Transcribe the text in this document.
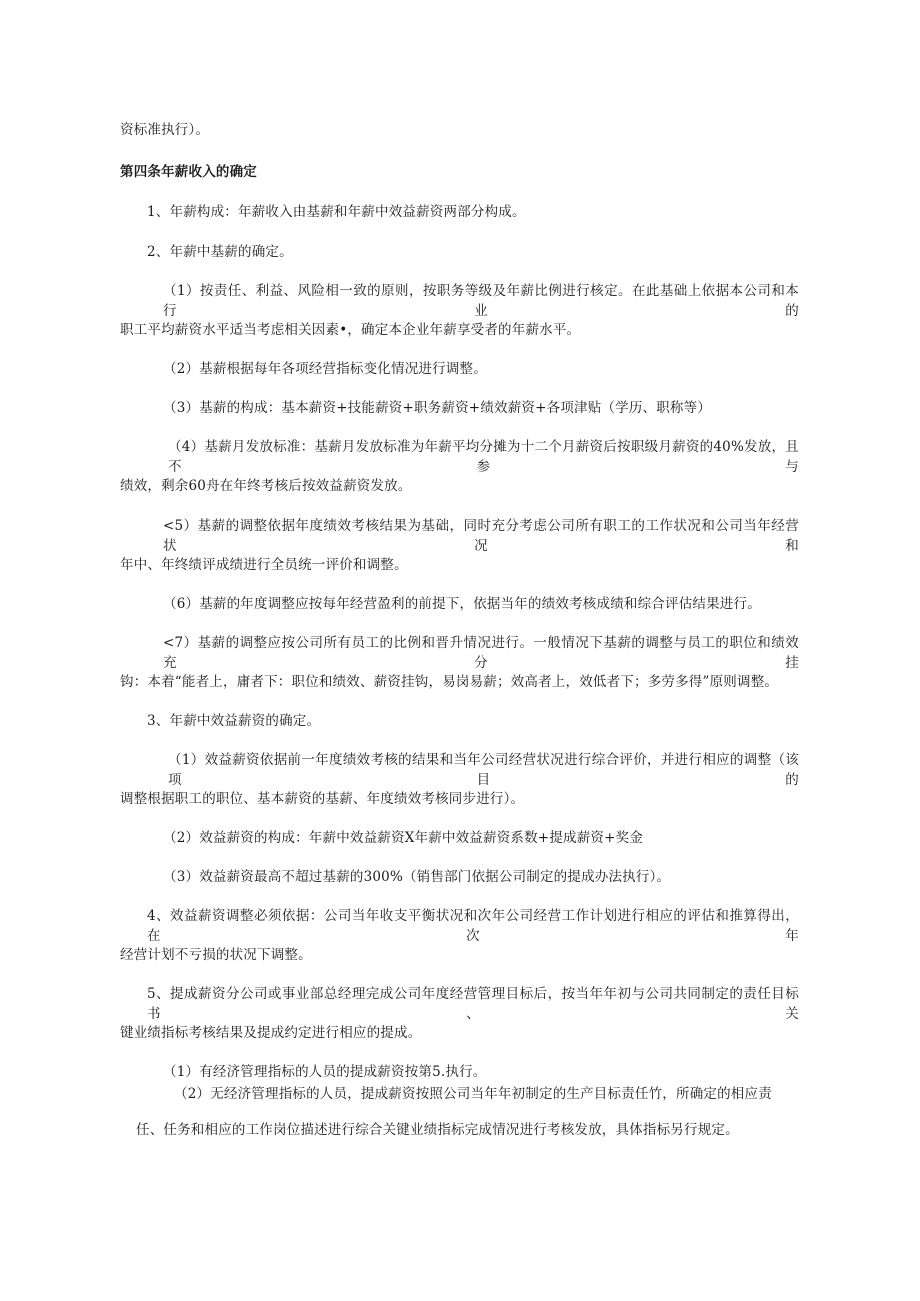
资标准执行）。
第四条年薪收入的确定
1、年薪构成：年薪收入由基薪和年薪中效益薪资两部分构成。
2、年薪中基薪的确定。
（1）按责任、利益、风险相一致的原则，按职务等级及年薪比例进行核定。在此基础上依据本公司和本行业的
职工平均薪资水平适当考虑相关因素•，确定本企业年薪享受者的年薪水平。
（2）基薪根据每年各项经营指标变化情况进行调整。
（3）基薪的构成：基本薪资+技能薪资+职务薪资+绩效薪资+各项津贴（学历、职称等）
（4）基薪月发放标准：基薪月发放标准为年薪平均分摊为十二个月薪资后按职级月薪资的40%发放，且不参与
绩效，剩余60舟在年终考核后按效益薪资发放。
<5）基薪的调整依据年度绩效考核结果为基础，同时充分考虑公司所有职工的工作状况和公司当年经营状况和
年中、年终绩评成绩进行全员统一评价和调整。
（6）基薪的年度调整应按每年经营盈利的前提下，依据当年的绩效考核成绩和综合评估结果进行。
<7）基薪的调整应按公司所有员工的比例和晋升情况进行。一般情况下基薪的调整与员工的职位和绩效充分挂
钩：本着“能者上，庸者下：职位和绩效、薪资挂钩，易岗易薪；效高者上，效低者下；多劳多得”原则调整。
3、年薪中效益薪资的确定。
（1）效益薪资依据前一年度绩效考核的结果和当年公司经营状况进行综合评价，并进行相应的调整（该项目的
调整根据职工的职位、基本薪资的基薪、年度绩效考核同步进行）。
（2）效益薪资的构成：年薪中效益薪资X年薪中效益薪资系数+提成薪资+奖金
（3）效益薪资最高不超过基薪的300%（销售部门依据公司制定的提成办法执行）。
4、效益薪资调整必须依据：公司当年收支平衡状况和次年公司经营工作计划进行相应的评估和推算得出，在次年
经营计划不亏损的状况下调整。
5、提成薪资分公司或事业部总经理完成公司年度经营管理目标后，按当年年初与公司共同制定的责任目标书、关
键业绩指标考核结果及提成约定进行相应的提成。
（1）有经济管理指标的人员的提成薪资按第5.执行。
（2）无经济管理指标的人员，提成薪资按照公司当年年初制定的生产目标责任竹，所确定的相应责
任、任务和相应的工作岗位描述进行综合关键业绩指标完成情况进行考核发放，具体指标另行规定。
